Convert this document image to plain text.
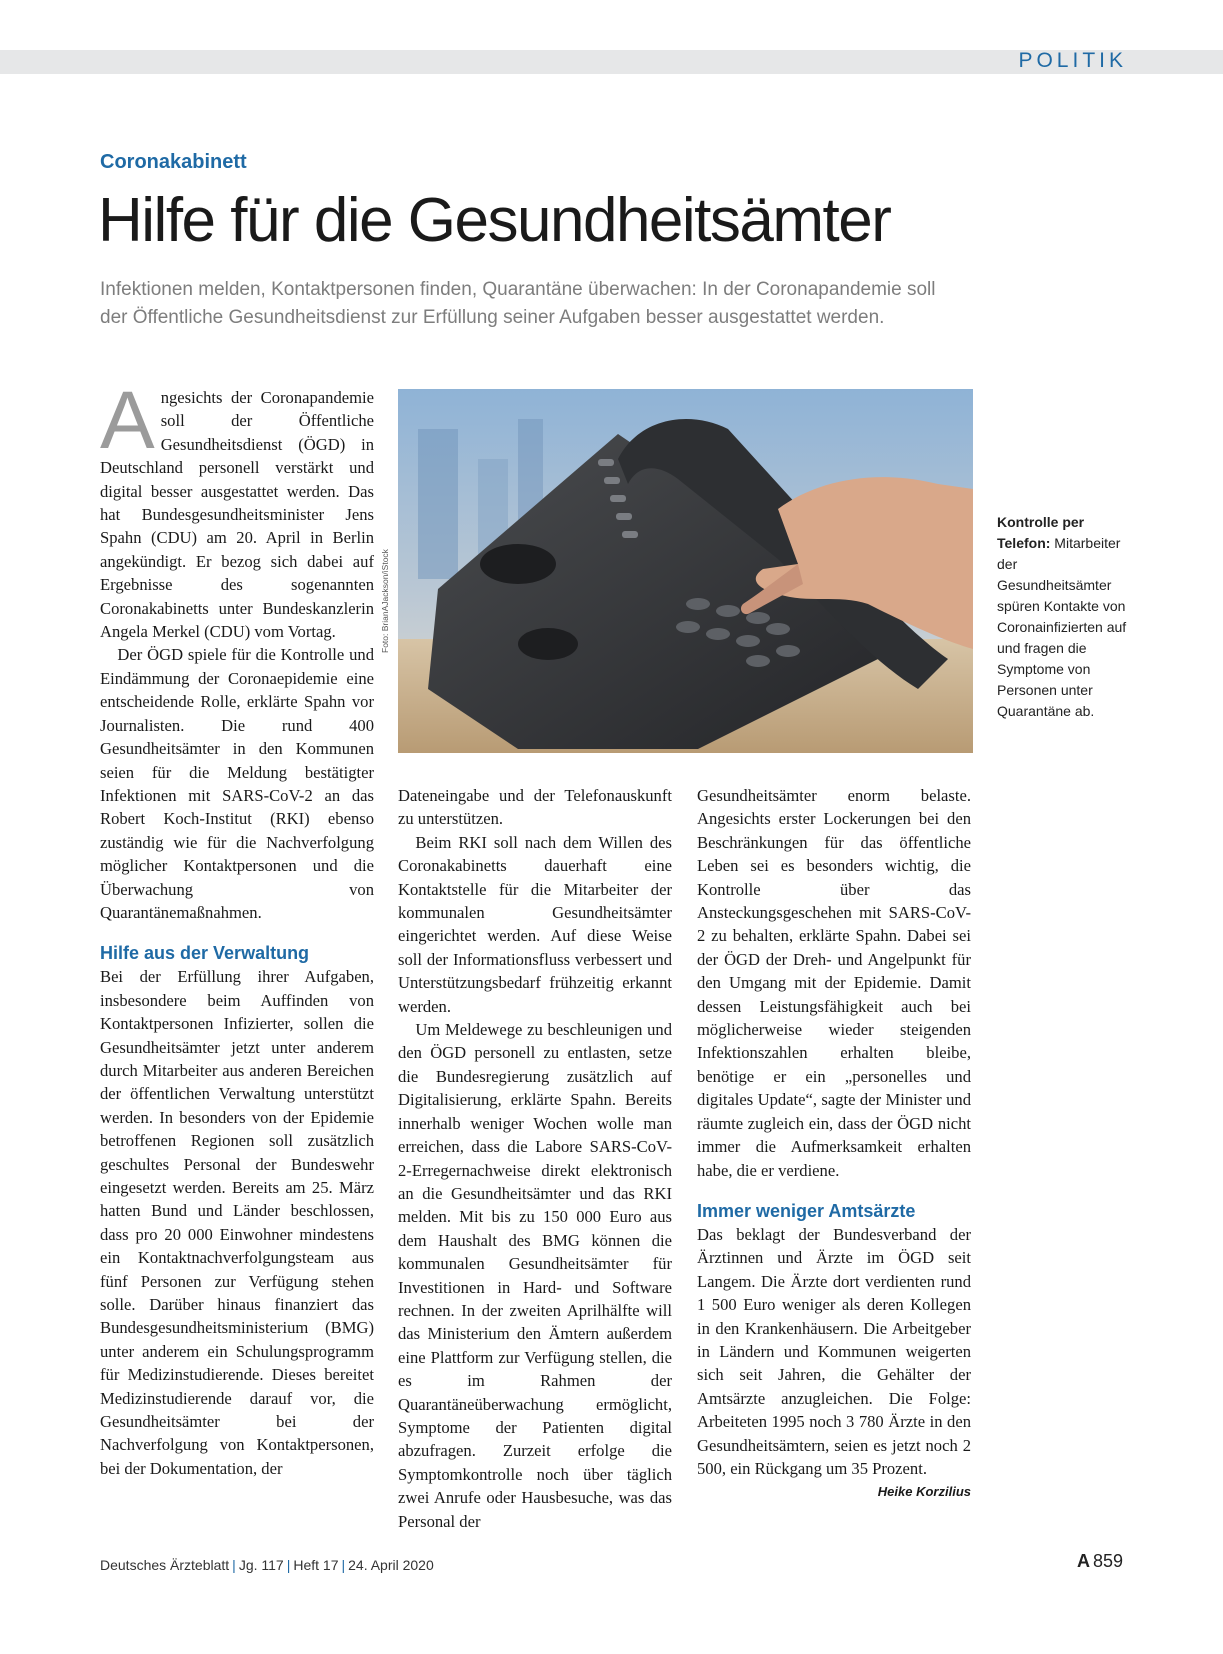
POLITIK
Coronakabinett
Hilfe für die Gesundheitsämter
Infektionen melden, Kontaktpersonen finden, Quarantäne überwachen: In der Coronapandemie soll
der Öffentliche Gesundheitsdienst zur Erfüllung seiner Aufgaben besser ausgestattet werden.

Angesichts der Coronapandemie soll der Öffentliche Gesundheitsdienst (ÖGD) in Deutschland personell verstärkt und digital besser ausgestattet werden. Das hat Bundesgesundheitsminister Jens Spahn (CDU) am 20. April in Berlin angekündigt. Er bezog sich dabei auf Ergebnisse des sogenannten Coronakabinetts unter Bundeskanzlerin Angela Merkel (CDU) vom Vortag.

Der ÖGD spiele für die Kontrolle und Eindämmung der Coronaepidemie eine entscheidende Rolle, erklärte Spahn vor Journalisten. Die rund 400 Gesundheitsämter in den Kommunen seien für die Meldung bestätigter Infektionen mit SARS-CoV-2 an das Robert Koch-Institut (RKI) ebenso zuständig wie für die Nachverfolgung möglicher Kontaktpersonen und die Überwachung von Quarantänemaßnahmen.

Hilfe aus der Verwaltung

Bei der Erfüllung ihrer Aufgaben, insbesondere beim Auffinden von Kontaktpersonen Infizierter, sollen die Gesundheitsämter jetzt unter anderem durch Mitarbeiter aus anderen Bereichen der öffentlichen Verwaltung unterstützt werden. In besonders von der Epidemie betroffenen Regionen soll zusätzlich geschultes Personal der Bundeswehr eingesetzt werden. Bereits am 25. März hatten Bund und Länder beschlossen, dass pro 20 000 Einwohner mindestens ein Kontaktnachverfolgungsteam aus fünf Personen zur Verfügung stehen solle. Darüber hinaus finanziert das Bundesgesundheitsministerium (BMG) unter anderem ein Schulungsprogramm für Medizinstudierende. Dieses bereitet Medizinstudierende darauf vor, die Gesundheitsämter bei der Nachverfolgung von Kontaktpersonen, bei der Dokumentation, der

Foto: BrianAJackson/iStock
Kontrolle per Telefon: Mitarbeiter der Gesundheitsämter spüren Kontakte von Coronainfizierten auf und fragen die Symptome von Personen unter Quarantäne ab.

Dateneingabe und der Telefonauskunft zu unterstützen.

Beim RKI soll nach dem Willen des Coronakabinetts dauerhaft eine Kontaktstelle für die Mitarbeiter der kommunalen Gesundheitsämter eingerichtet werden. Auf diese Weise soll der Informationsfluss verbessert und Unterstützungsbedarf frühzeitig erkannt werden.

Um Meldewege zu beschleunigen und den ÖGD personell zu entlasten, setze die Bundesregierung zusätzlich auf Digitalisierung, erklärte Spahn. Bereits innerhalb weniger Wochen wolle man erreichen, dass die Labore SARS-CoV-2-Erregernachweise direkt elektronisch an die Gesundheitsämter und das RKI melden. Mit bis zu 150 000 Euro aus dem Haushalt des BMG können die kommunalen Gesundheitsämter für Investitionen in Hard- und Software rechnen. In der zweiten Aprilhälfte will das Ministerium den Ämtern außerdem eine Plattform zur Verfügung stellen, die es im Rahmen der Quarantäneüberwachung ermöglicht, Symptome der Patienten digital abzufragen. Zurzeit erfolge die Symptomkontrolle noch über täglich zwei Anrufe oder Hausbesuche, was das Personal der

Gesundheitsämter enorm belaste. Angesichts erster Lockerungen bei den Beschränkungen für das öffentliche Leben sei es besonders wichtig, die Kontrolle über das Ansteckungsgeschehen mit SARS-CoV-2 zu behalten, erklärte Spahn. Dabei sei der ÖGD der Dreh- und Angelpunkt für den Umgang mit der Epidemie. Damit dessen Leistungsfähigkeit auch bei möglicherweise wieder steigenden Infektionszahlen erhalten bleibe, benötige er ein „personelles und digitales Update“, sagte der Minister und räumte zugleich ein, dass der ÖGD nicht immer die Aufmerksamkeit erhalten habe, die er verdiene.

Immer weniger Amtsärzte

Das beklagt der Bundesverband der Ärztinnen und Ärzte im ÖGD seit Langem. Die Ärzte dort verdienten rund 1 500 Euro weniger als deren Kollegen in den Krankenhäusern. Die Arbeitgeber in Ländern und Kommunen weigerten sich seit Jahren, die Gehälter der Amtsärzte anzugleichen. Die Folge: Arbeiteten 1995 noch 3 780 Ärzte in den Gesundheitsämtern, seien es jetzt noch 2 500, ein Rückgang um 35 Prozent.
Heike Korzilius

Deutsches Ärzteblatt | Jg. 117 | Heft 17 | 24. April 2020	A 859
